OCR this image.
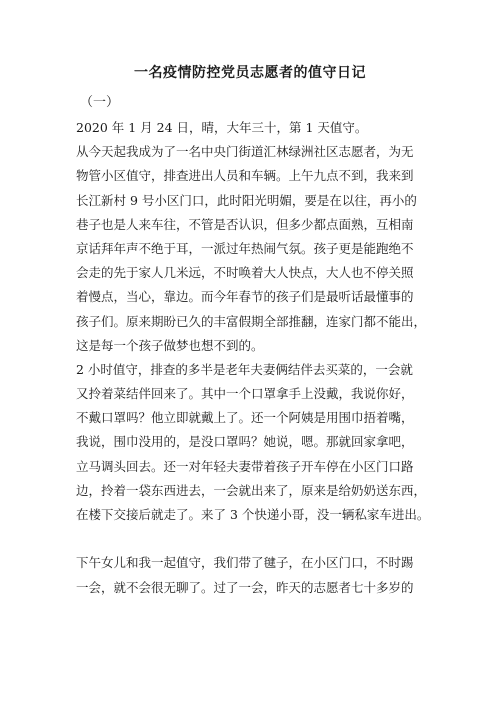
一名疫情防控党员志愿者的值守日记
（一）
2020 年 1 月 24 日，晴，大年三十，第 1 天值守。
从今天起我成为了一名中央门街道汇林绿洲社区志愿者，为无
物管小区值守，排查进出人员和车辆。上午九点不到，我来到
长江新村 9 号小区门口，此时阳光明媚，要是在以往，再小的
巷子也是人来车往，不管是否认识，但多少都点面熟，互相南
京话拜年声不绝于耳，一派过年热闹气氛。孩子更是能跑绝不
会走的先于家人几米远，不时唤着大人快点，大人也不停关照
着慢点，当心，靠边。而今年春节的孩子们是最听话最懂事的
孩子们。原来期盼已久的丰富假期全部推翻，连家门都不能出，
这是每一个孩子做梦也想不到的。
2 小时值守，排查的多半是老年夫妻俩结伴去买菜的，一会就
又拎着菜结伴回来了。其中一个口罩拿手上没戴，我说你好，
不戴口罩吗？他立即就戴上了。还一个阿姨是用围巾捂着嘴，
我说，围巾没用的，是没口罩吗？她说，嗯。那就回家拿吧，
立马调头回去。还一对年轻夫妻带着孩子开车停在小区门口路
边，拎着一袋东西进去，一会就出来了，原来是给奶奶送东西，
在楼下交接后就走了。来了 3 个快递小哥，没一辆私家车进出。
下午女儿和我一起值守，我们带了毽子，在小区门口，不时踢
一会，就不会很无聊了。过了一会，昨天的志愿者七十多岁的
